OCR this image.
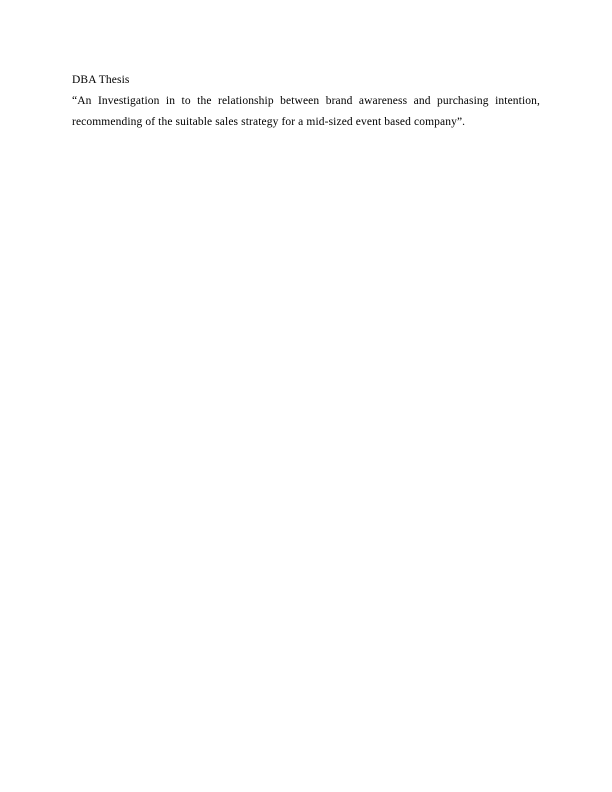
DBA Thesis

“An Investigation in to the relationship between brand awareness and purchasing intention, recommending of the suitable sales strategy for a mid-sized event based company”.
